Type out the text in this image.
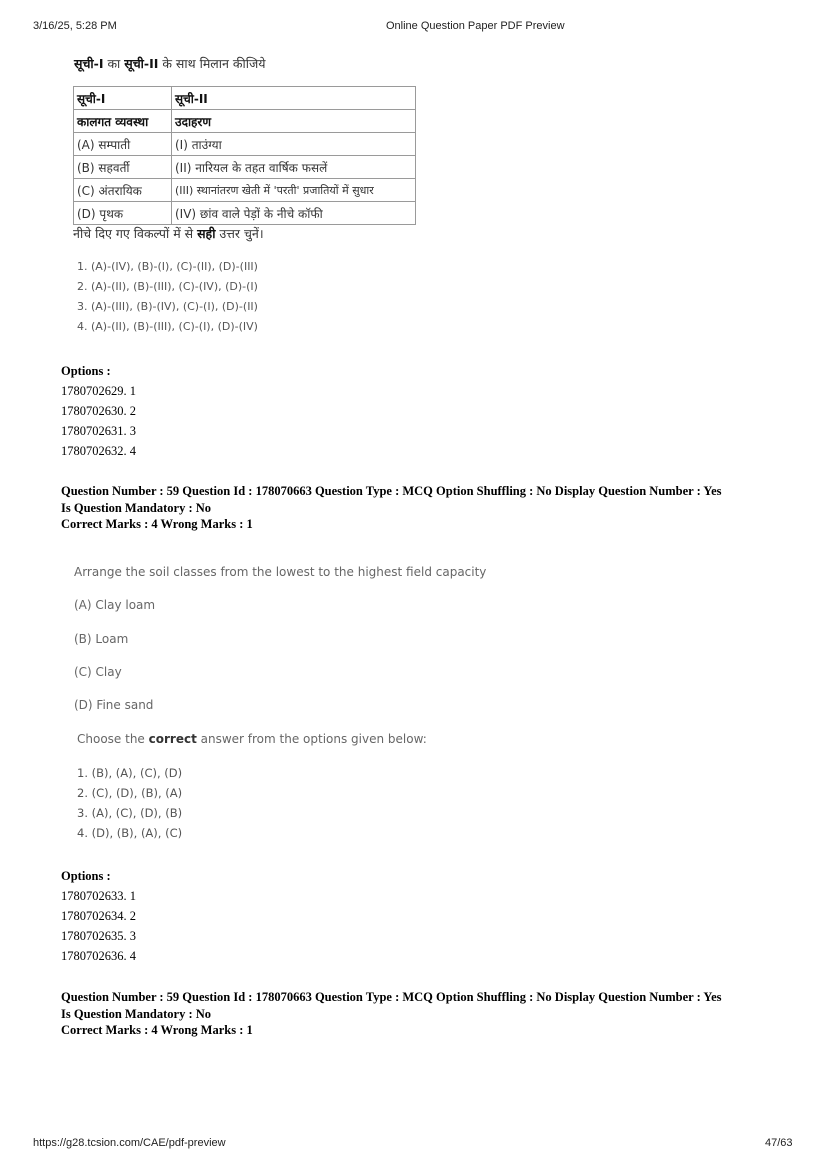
3/16/25, 5:28 PM	Online Question Paper PDF Preview
सूची-I का सूची-II के साथ मिलान कीजिये
सूची-I	सूची-II
कालगत व्यवस्था	उदाहरण
(A) सम्पाती	(I) ताउंग्या
(B) सहवर्ती	(II) नारियल के तहत वार्षिक फसलें
(C) अंतरायिक	(III) स्थानांतरण खेती में 'परती' प्रजातियों में सुधार
(D) पृथक	(IV) छांव वाले पेड़ों के नीचे कॉफी
नीचे दिए गए विकल्पों में से सही उत्तर चुनें।
1. (A)-(IV), (B)-(I), (C)-(II), (D)-(III)
2. (A)-(II), (B)-(III), (C)-(IV), (D)-(I)
3. (A)-(III), (B)-(IV), (C)-(I), (D)-(II)
4. (A)-(II), (B)-(III), (C)-(I), (D)-(IV)
Options :
1780702629. 1
1780702630. 2
1780702631. 3
1780702632. 4
Question Number : 59 Question Id : 178070663 Question Type : MCQ Option Shuffling : No Display Question Number : Yes
Is Question Mandatory : No
Correct Marks : 4 Wrong Marks : 1
Arrange the soil classes from the lowest to the highest field capacity
(A) Clay loam
(B) Loam
(C) Clay
(D) Fine sand
Choose the correct answer from the options given below:
1. (B), (A), (C), (D)
2. (C), (D), (B), (A)
3. (A), (C), (D), (B)
4. (D), (B), (A), (C)
Options :
1780702633. 1
1780702634. 2
1780702635. 3
1780702636. 4
Question Number : 59 Question Id : 178070663 Question Type : MCQ Option Shuffling : No Display Question Number : Yes
Is Question Mandatory : No
Correct Marks : 4 Wrong Marks : 1
https://g28.tcsion.com/CAE/pdf-preview	47/63
